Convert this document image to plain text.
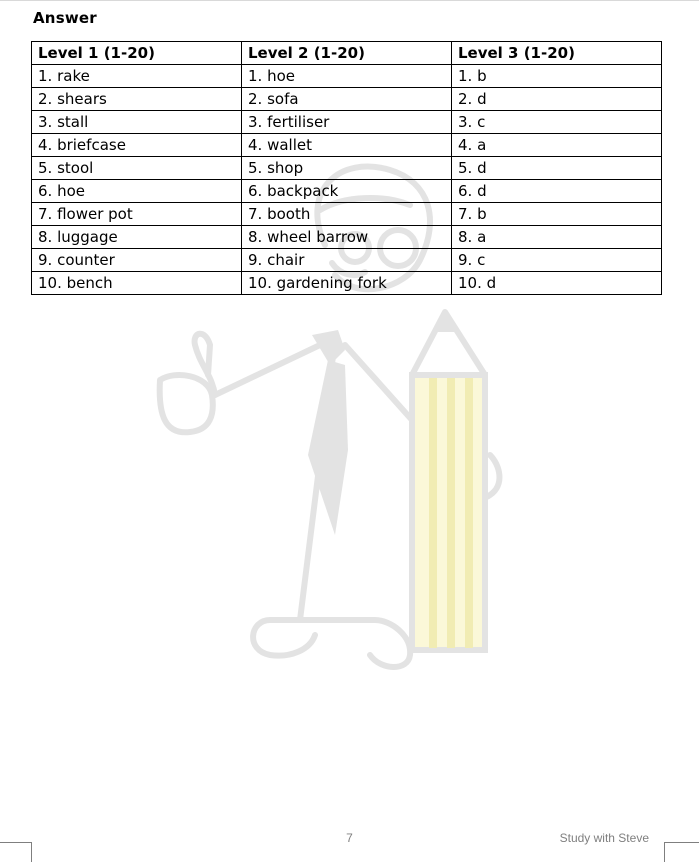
Answer
Level 1 (1-20)	Level 2 (1-20)	Level 3 (1-20)
1. rake	1. hoe	1. b
2. shears	2. sofa	2. d
3. stall	3. fertiliser	3. c
4. briefcase	4. wallet	4. a
5. stool	5. shop	5. d
6. hoe	6. backpack	6. d
7. flower pot	7. booth	7. b
8. luggage	8. wheel barrow	8. a
9. counter	9. chair	9. c
10. bench	10. gardening fork	10. d
7	Study with Steve
